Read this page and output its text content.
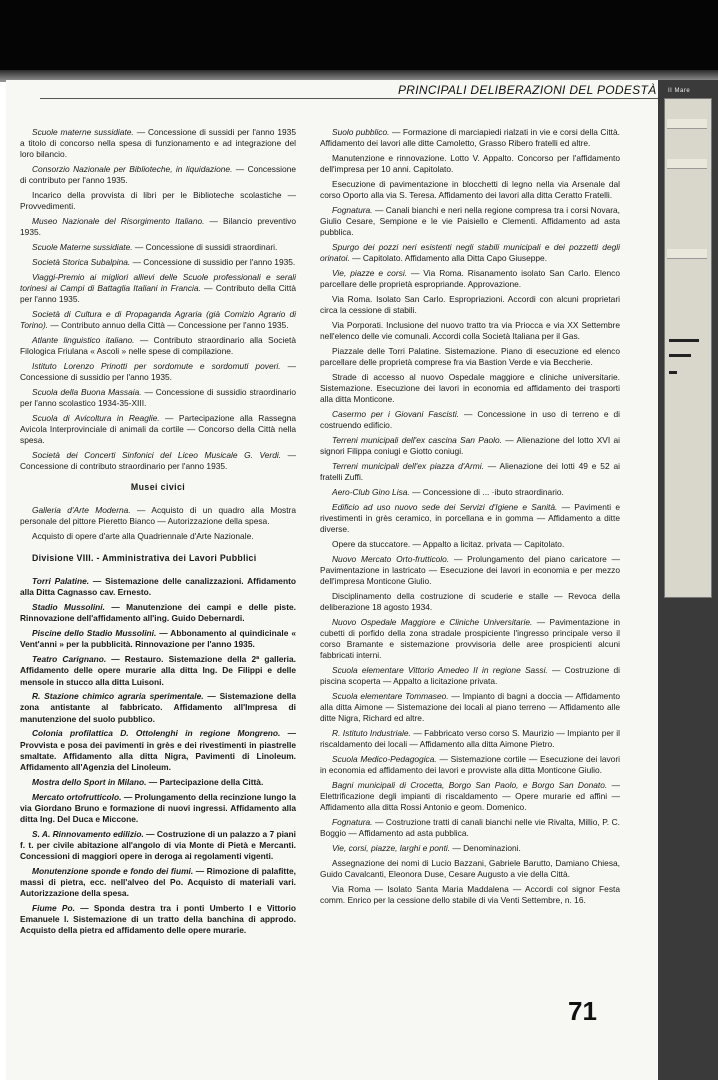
II Mare
PRINCIPALI DELIBERAZIONI DEL PODESTÀ

Scuole materne sussidiate. — Concessione di sussidi per l'anno 1935 a titolo di concorso nella spesa di funzionamento e ad integrazione del loro bilancio.

Consorzio Nazionale per Biblioteche, in liquidazione. — Concessione di contributo per l'anno 1935.

Incarico della provvista di libri per le Biblioteche scolastiche — Provvedimenti.

Museo Nazionale del Risorgimento Italiano. — Bilancio preventivo 1935.

Scuole Materne sussidiate. — Concessione di sussidi straordinari.

Società Storica Subalpina. — Concessione di sussidio per l'anno 1935.

Viaggi-Premio ai migliori allievi delle Scuole professionali e serali torinesi ai Campi di Battaglia Italiani in Francia. — Contributo della Città per l'anno 1935.

Società di Cultura e di Propaganda Agraria (già Comizio Agrario di Torino). — Contributo annuo della Città — Concessione per l'anno 1935.

Atlante linguistico italiano. — Contributo straordinario alla Società Filologica Friulana « Ascoli » nelle spese di compilazione.

Istituto Lorenzo Prinotti per sordomute e sordomuti poveri. — Concessione di sussidio per l'anno 1935.

Scuola della Buona Massaia. — Concessione di sussidio straordinario per l'anno scolastico 1934-35-XIII.

Scuola di Avicoltura in Reaglie. — Partecipazione alla Rassegna Avicola Interprovinciale di animali da cortile — Concorso della Città nella spesa.

Società dei Concerti Sinfonici del Liceo Musicale G. Verdi. — Concessione di contributo straordinario per l'anno 1935.

Musei civici

Galleria d'Arte Moderna. — Acquisto di un quadro alla Mostra personale del pittore Pieretto Bianco — Autorizzazione della spesa.

Acquisto di opere d'arte alla Quadriennale d'Arte Nazionale.

Divisione VIII. - Amministrativa dei Lavori Pubblici

Torri Palatine. — Sistemazione delle canalizzazioni. Affidamento alla Ditta Cagnasso cav. Ernesto.

Stadio Mussolini. — Manutenzione dei campi e delle piste. Rinnovazione dell'affidamento all'ing. Guido Debernardi.

Piscine dello Stadio Mussolini. — Abbonamento al quindicinale « Vent'anni » per la pubblicità. Rinnovazione per l'anno 1935.

Teatro Carignano. — Restauro. Sistemazione della 2ª galleria. Affidamento delle opere murarie alla ditta Ing. De Filippi e delle mensole in stucco alla ditta Luisoni.

R. Stazione chimico agraria sperimentale. — Sistemazione della zona antistante al fabbricato. Affidamento all'Impresa di manutenzione del suolo pubblico.

Colonia profilattica D. Ottolenghi in regione Mongreno. — Provvista e posa dei pavimenti in grès e dei rivestimenti in piastrelle smaltate. Affidamento alla ditta Nigra, Pavimenti di Linoleum. Affidamento all'Agenzia del Linoleum.

Mostra dello Sport in Milano. — Partecipazione della Città.

Mercato ortofrutticolo. — Prolungamento della recinzione lungo la via Giordano Bruno e formazione di nuovi ingressi. Affidamento alla ditta Ing. Del Duca e Miccone.

S. A. Rinnovamento edilizio. — Costruzione di un palazzo a 7 piani f. t. per civile abitazione all'angolo di via Monte di Pietà e Mercanti. Concessioni di maggiori opere in deroga ai regolamenti vigenti.

Monutenzione sponde e fondo dei fiumi. — Rimozione di palafitte, massi di pietra, ecc. nell'alveo del Po. Acquisto di materiali vari. Autorizzazione della spesa.

Fiume Po. — Sponda destra tra i ponti Umberto I e Vittorio Emanuele I. Sistemazione di un tratto della banchina di approdo. Acquisto della pietra ed affidamento delle opere murarie.

Suolo pubblico. — Formazione di marciapiedi rialzati in vie e corsi della Città. Affidamento dei lavori alle ditte Camoletto, Grasso Ribero fratelli ed altre.

Manutenzione e rinnovazione. Lotto V. Appalto. Concorso per l'affidamento dell'impresa per 10 anni. Capitolato.

Esecuzione di pavimentazione in blocchetti di legno nella via Arsenale dal corso Oporto alla via S. Teresa. Affidamento dei lavori alla ditta Ceratto Fratelli.

Fognatura. — Canali bianchi e neri nella regione compresa tra i corsi Novara, Giulio Cesare, Sempione e le vie Paisiello e Clementi. Affidamento ad asta pubblica.

Spurgo dei pozzi neri esistenti negli stabili municipali e dei pozzetti degli orinatoi. — Capitolato. Affidamento alla Ditta Capo Giuseppe.

Vie, piazze e corsi. — Via Roma. Risanamento isolato San Carlo. Elenco parcellare delle proprietà espropriande. Approvazione.

Via Roma. Isolato San Carlo. Espropriazioni. Accordi con alcuni proprietari circa la cessione di stabili.

Via Porporati. Inclusione del nuovo tratto tra via Priocca e via XX Settembre nell'elenco delle vie comunali. Accordi colla Società Italiana per il Gas.

Piazzale delle Torri Palatine. Sistemazione. Piano di esecuzione ed elenco parcellare delle proprietà comprese fra via Bastion Verde e via Beccherie.

Strade di accesso al nuovo Ospedale maggiore e cliniche universitarie. Sistemazione. Esecuzione dei lavori in economia ed affidamento dei trasporti alla ditta Monticone.

Casermo per i Giovani Fascisti. — Concessione in uso di terreno e di costruendo edificio.

Terreni municipali dell'ex cascina San Paolo. — Alienazione del lotto XVI ai signori Filippa coniugi e Giotto coniugi.

Terreni municipali dell'ex piazza d'Armi. — Alienazione dei lotti 49 e 52 ai fratelli Zuffi.

Aero-Club Gino Lisa. — Concessione di ... ·ibuto straordinario.

Edificio ad uso nuovo sede dei Servizi d'Igiene e Sanità. — Pavimenti e rivestimenti in grès ceramico, in porcellana e in gomma — Affidamento a ditte diverse.

Opere da stuccatore. — Appalto a licitaz. privata — Capitolato.

Nuovo Mercato Orto-frutticolo. — Prolungamento del piano caricatore — Pavimentazione in lastricato — Esecuzione dei lavori in economia e per mezzo dell'impresa Monticone Giulio.

Disciplinamento della costruzione di scuderie e stalle — Revoca della deliberazione 18 agosto 1934.

Nuovo Ospedale Maggiore e Cliniche Universitarie. — Pavimentazione in cubetti di porfido della zona stradale prospiciente l'ingresso principale verso il corso Bramante e sistemazione provvisoria delle aree prospicienti alcuni fabbricati interni.

Scuola elementare Vittorio Amedeo II in regione Sassi. — Costruzione di piscina scoperta — Appalto a licitazione privata.

Scuola elementare Tommaseo. — Impianto di bagni a doccia — Affidamento alla ditta Aimone — Sistemazione dei locali al piano terreno — Affidamento alle ditte Nigra, Richard ed altre.

R. Istituto Industriale. — Fabbricato verso corso S. Maurizio — Impianto per il riscaldamento dei locali — Affidamento alla ditta Aimone Pietro.

Scuola Medico-Pedagogica. — Sistemazione cortile — Esecuzione dei lavori in economia ed affidamento dei lavori e provviste alla ditta Monticone Giulio.

Bagni municipali di Crocetta, Borgo San Paolo, e Borgo San Donato. — Elettrificazione degli impianti di riscaldamento — Opere murarie ed affini — Affidamento alla ditta Rossi Antonio e geom. Domenico.

Fognatura. — Costruzione tratti di canali bianchi nelle vie Rivalta, Millio, P. C. Boggio — Affidamento ad asta pubblica.

Vie, corsi, piazze, larghi e ponti. — Denominazioni.

Assegnazione dei nomi di Lucio Bazzani, Gabriele Barutto, Damiano Chiesa, Guido Cavalcanti, Eleonora Duse, Cesare Augusto a vie della Città.

Via Roma — Isolato Santa Maria Maddalena — Accordi col signor Festa comm. Enrico per la cessione dello stabile di via Venti Settembre, n. 16.

71
